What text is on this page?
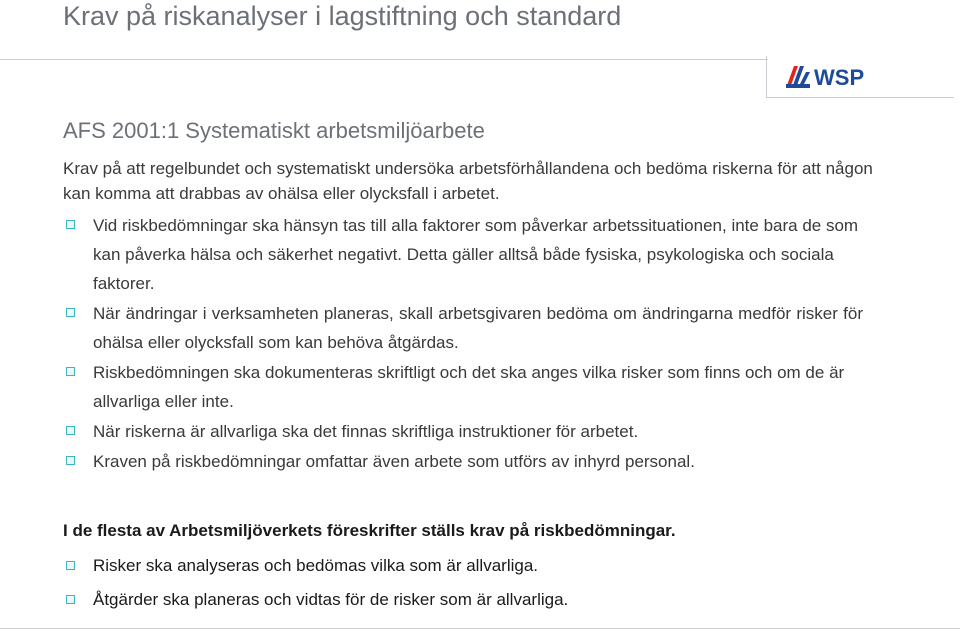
Krav på riskanalyser i lagstiftning och standard
WSP
AFS 2001:1 Systematiskt arbetsmiljöarbete
Krav på att regelbundet och systematiskt undersöka arbetsförhållandena och bedöma riskerna för att någon kan komma att drabbas av ohälsa eller olycksfall i arbetet.
Vid riskbedömningar ska hänsyn tas till alla faktorer som påverkar arbetssituationen, inte bara de som kan påverka hälsa och säkerhet negativt. Detta gäller alltså både fysiska, psykologiska och sociala faktorer.
När ändringar i verksamheten planeras, skall arbetsgivaren bedöma om ändringarna medför risker för ohälsa eller olycksfall som kan behöva åtgärdas.
Riskbedömningen ska dokumenteras skriftligt och det ska anges vilka risker som finns och om de är allvarliga eller inte.
När riskerna är allvarliga ska det finnas skriftliga instruktioner för arbetet.
Kraven på riskbedömningar omfattar även arbete som utförs av inhyrd personal.
I de flesta av Arbetsmiljöverkets föreskrifter ställs krav på riskbedömningar.
Risker ska analyseras och bedömas vilka som är allvarliga.
Åtgärder ska planeras och vidtas för de risker som är allvarliga.
